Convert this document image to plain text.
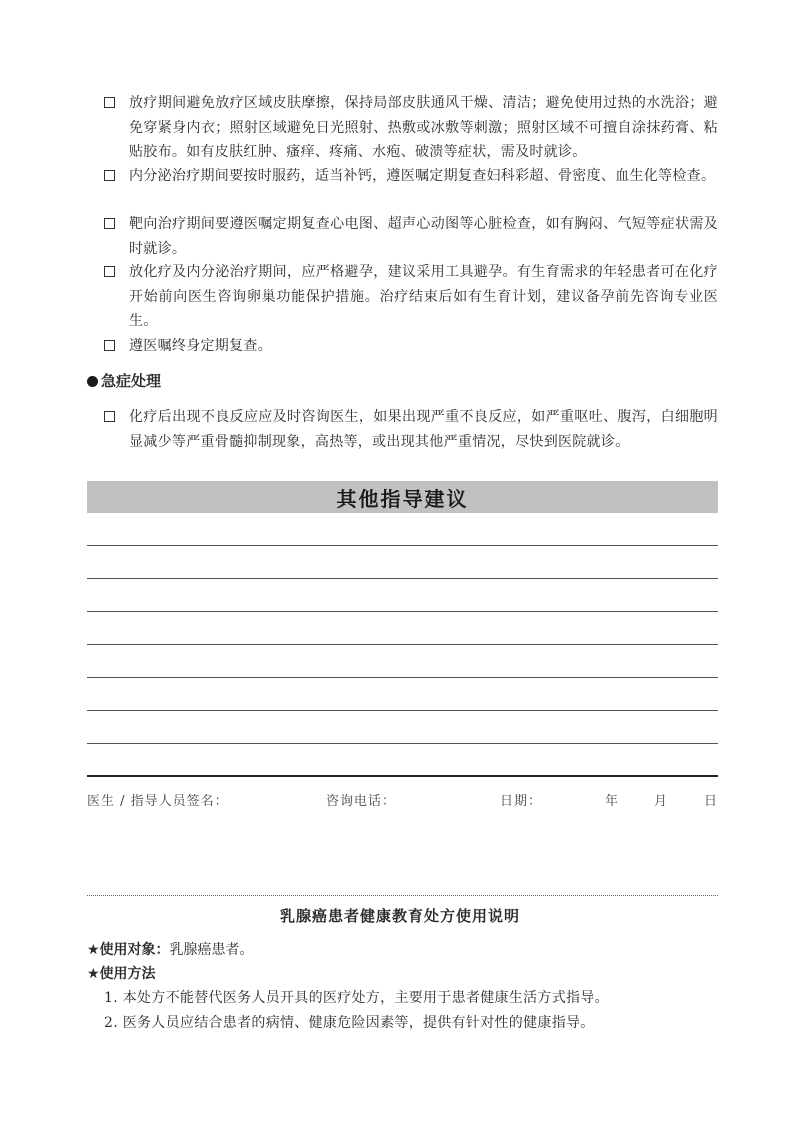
放疗期间避免放疗区域皮肤摩擦，保持局部皮肤通风干燥、清洁；避免使用过热的水洗浴；避免穿紧身内衣；照射区域避免日光照射、热敷或冰敷等刺激；照射区域不可擅自涂抹药膏、粘贴胶布。如有皮肤红肿、瘙痒、疼痛、水疱、破溃等症状，需及时就诊。
内分泌治疗期间要按时服药，适当补钙，遵医嘱定期复查妇科彩超、骨密度、血生化等检查。
靶向治疗期间要遵医嘱定期复查心电图、超声心动图等心脏检查，如有胸闷、气短等症状需及时就诊。
放化疗及内分泌治疗期间，应严格避孕，建议采用工具避孕。有生育需求的年轻患者可在化疗开始前向医生咨询卵巢功能保护措施。治疗结束后如有生育计划，建议备孕前先咨询专业医生。
遵医嘱终身定期复查。
急症处理
化疗后出现不良反应应及时咨询医生，如果出现严重不良反应，如严重呕吐、腹泻，白细胞明显减少等严重骨髓抑制现象，高热等，或出现其他严重情况，尽快到医院就诊。
其他指导建议
医生 / 指导人员签名：	咨询电话：	日期：	年	月	日
乳腺癌患者健康教育处方使用说明
★使用对象：乳腺癌患者。
★使用方法
1. 本处方不能替代医务人员开具的医疗处方，主要用于患者健康生活方式指导。
2. 医务人员应结合患者的病情、健康危险因素等，提供有针对性的健康指导。
